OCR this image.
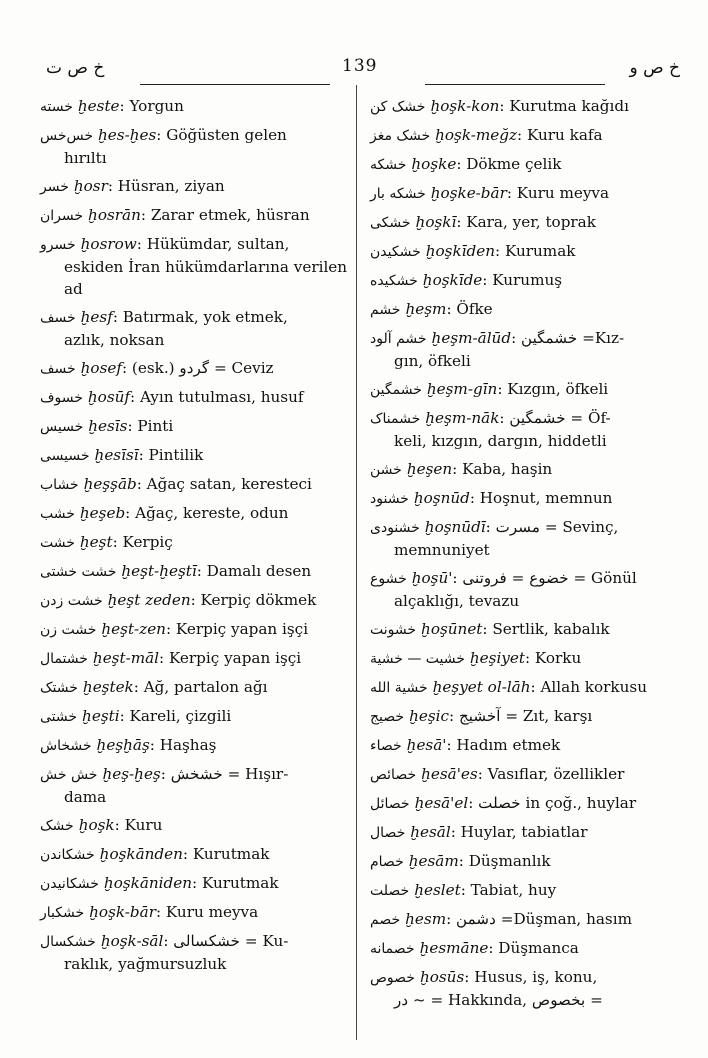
خ ص ت	139	خ ص و
خسته ḫeste: Yorgun
خس‌خس ḫes-ḫes: Göğüsten gelen
hırıltı
خسر ḫosr: Hüsran, ziyan
خسران ḫosrān: Zarar etmek, hüsran
خسرو ḫosrow: Hükümdar, sultan,
eskiden İran hükümdarlarına verilen ad
خسف ḫesf: Batırmak, yok etmek,
azlık, noksan
خسف ḫosef: (esk.) گردو = Ceviz
خسوف ḫosūf: Ayın tutulması, husuf
خسیس ḫesīs: Pinti
خسیسی ḫesīsī: Pintilik
خشاب ḫeşşāb: Ağaç satan, keresteci
خشب ḫeşeb: Ağaç, kereste, odun
خشت ḫeşt: Kerpiç
خشت خشتی ḫeşt-ḫeştī: Damalı desen
خشت زدن ḫeşt zeden: Kerpiç dökmek
خشت زن ḫeşt-zen: Kerpiç yapan işçi
خشتمال ḫeşt-māl: Kerpiç yapan işçi
خشتک ḫeştek: Ağ, partalon ağı
خشتی ḫeşti: Kareli, çizgili
خشخاش ḫeşḫāş: Haşhaş
خش خش ḫeş-ḫeş: خشخش = Hışır-
dama
خشک ḫoşk: Kuru
خشکاندن ḫoşkānden: Kurutmak
خشکانیدن ḫoşkāniden: Kurutmak
خشکبار ḫoşk-bār: Kuru meyva
خشکسال ḫoşk-sāl: خشکسالی = Ku-
raklık, yağmursuzluk
خشک کن ḫoşk-kon: Kurutma kağıdı
خشک مغز ḫoşk-meğz: Kuru kafa
خشکه ḫoşke: Dökme çelik
خشکه بار ḫoşke-bār: Kuru meyva
خشکی ḫoşkī: Kara, yer, toprak
خشکیدن ḫoşkīden: Kurumak
خشکیده ḫoşkīde: Kurumuş
خشم ḫeşm: Öfke
خشم آلود ḫeşm-ālūd: خشمگین =Kız-
gın, öfkeli
خشمگین ḫeşm-gīn: Kızgın, öfkeli
خشمناک ḫeşm-nāk: خشمگین = Öf-
keli, kızgın, dargın, hiddetli
خشن ḫeşen: Kaba, haşin
خشنود ḫoşnūd: Hoşnut, memnun
خشنودی ḫoşnūdī: مسرت = Sevinç,
memnuniyet
خشوع ḫoşū': خضوع = فروتنی = Gönül
alçaklığı, tevazu
خشونت ḫoşūnet: Sertlik, kabalık
خشیت — خشیة ḫeşiyet: Korku
خشیة الله ḫeşyet ol-lāh: Allah korkusu
خصیج ḫeşic: آخشیج = Zıt, karşı
خصاء ḫesā': Hadım etmek
خصائص ḫesā'es: Vasıflar, özellikler
خصائل ḫesā'el: خصلت in çoğ., huylar
خصال ḫesāl: Huylar, tabiatlar
خصام ḫesām: Düşmanlık
خصلت ḫeslet: Tabiat, huy
خصم ḫesm: دشمن =Düşman, hasım
خصمانه ḫesmāne: Düşmanca
خصوص ḫosūs: Husus, iş, konu,
در ~ = Hakkında, بخصوص =
